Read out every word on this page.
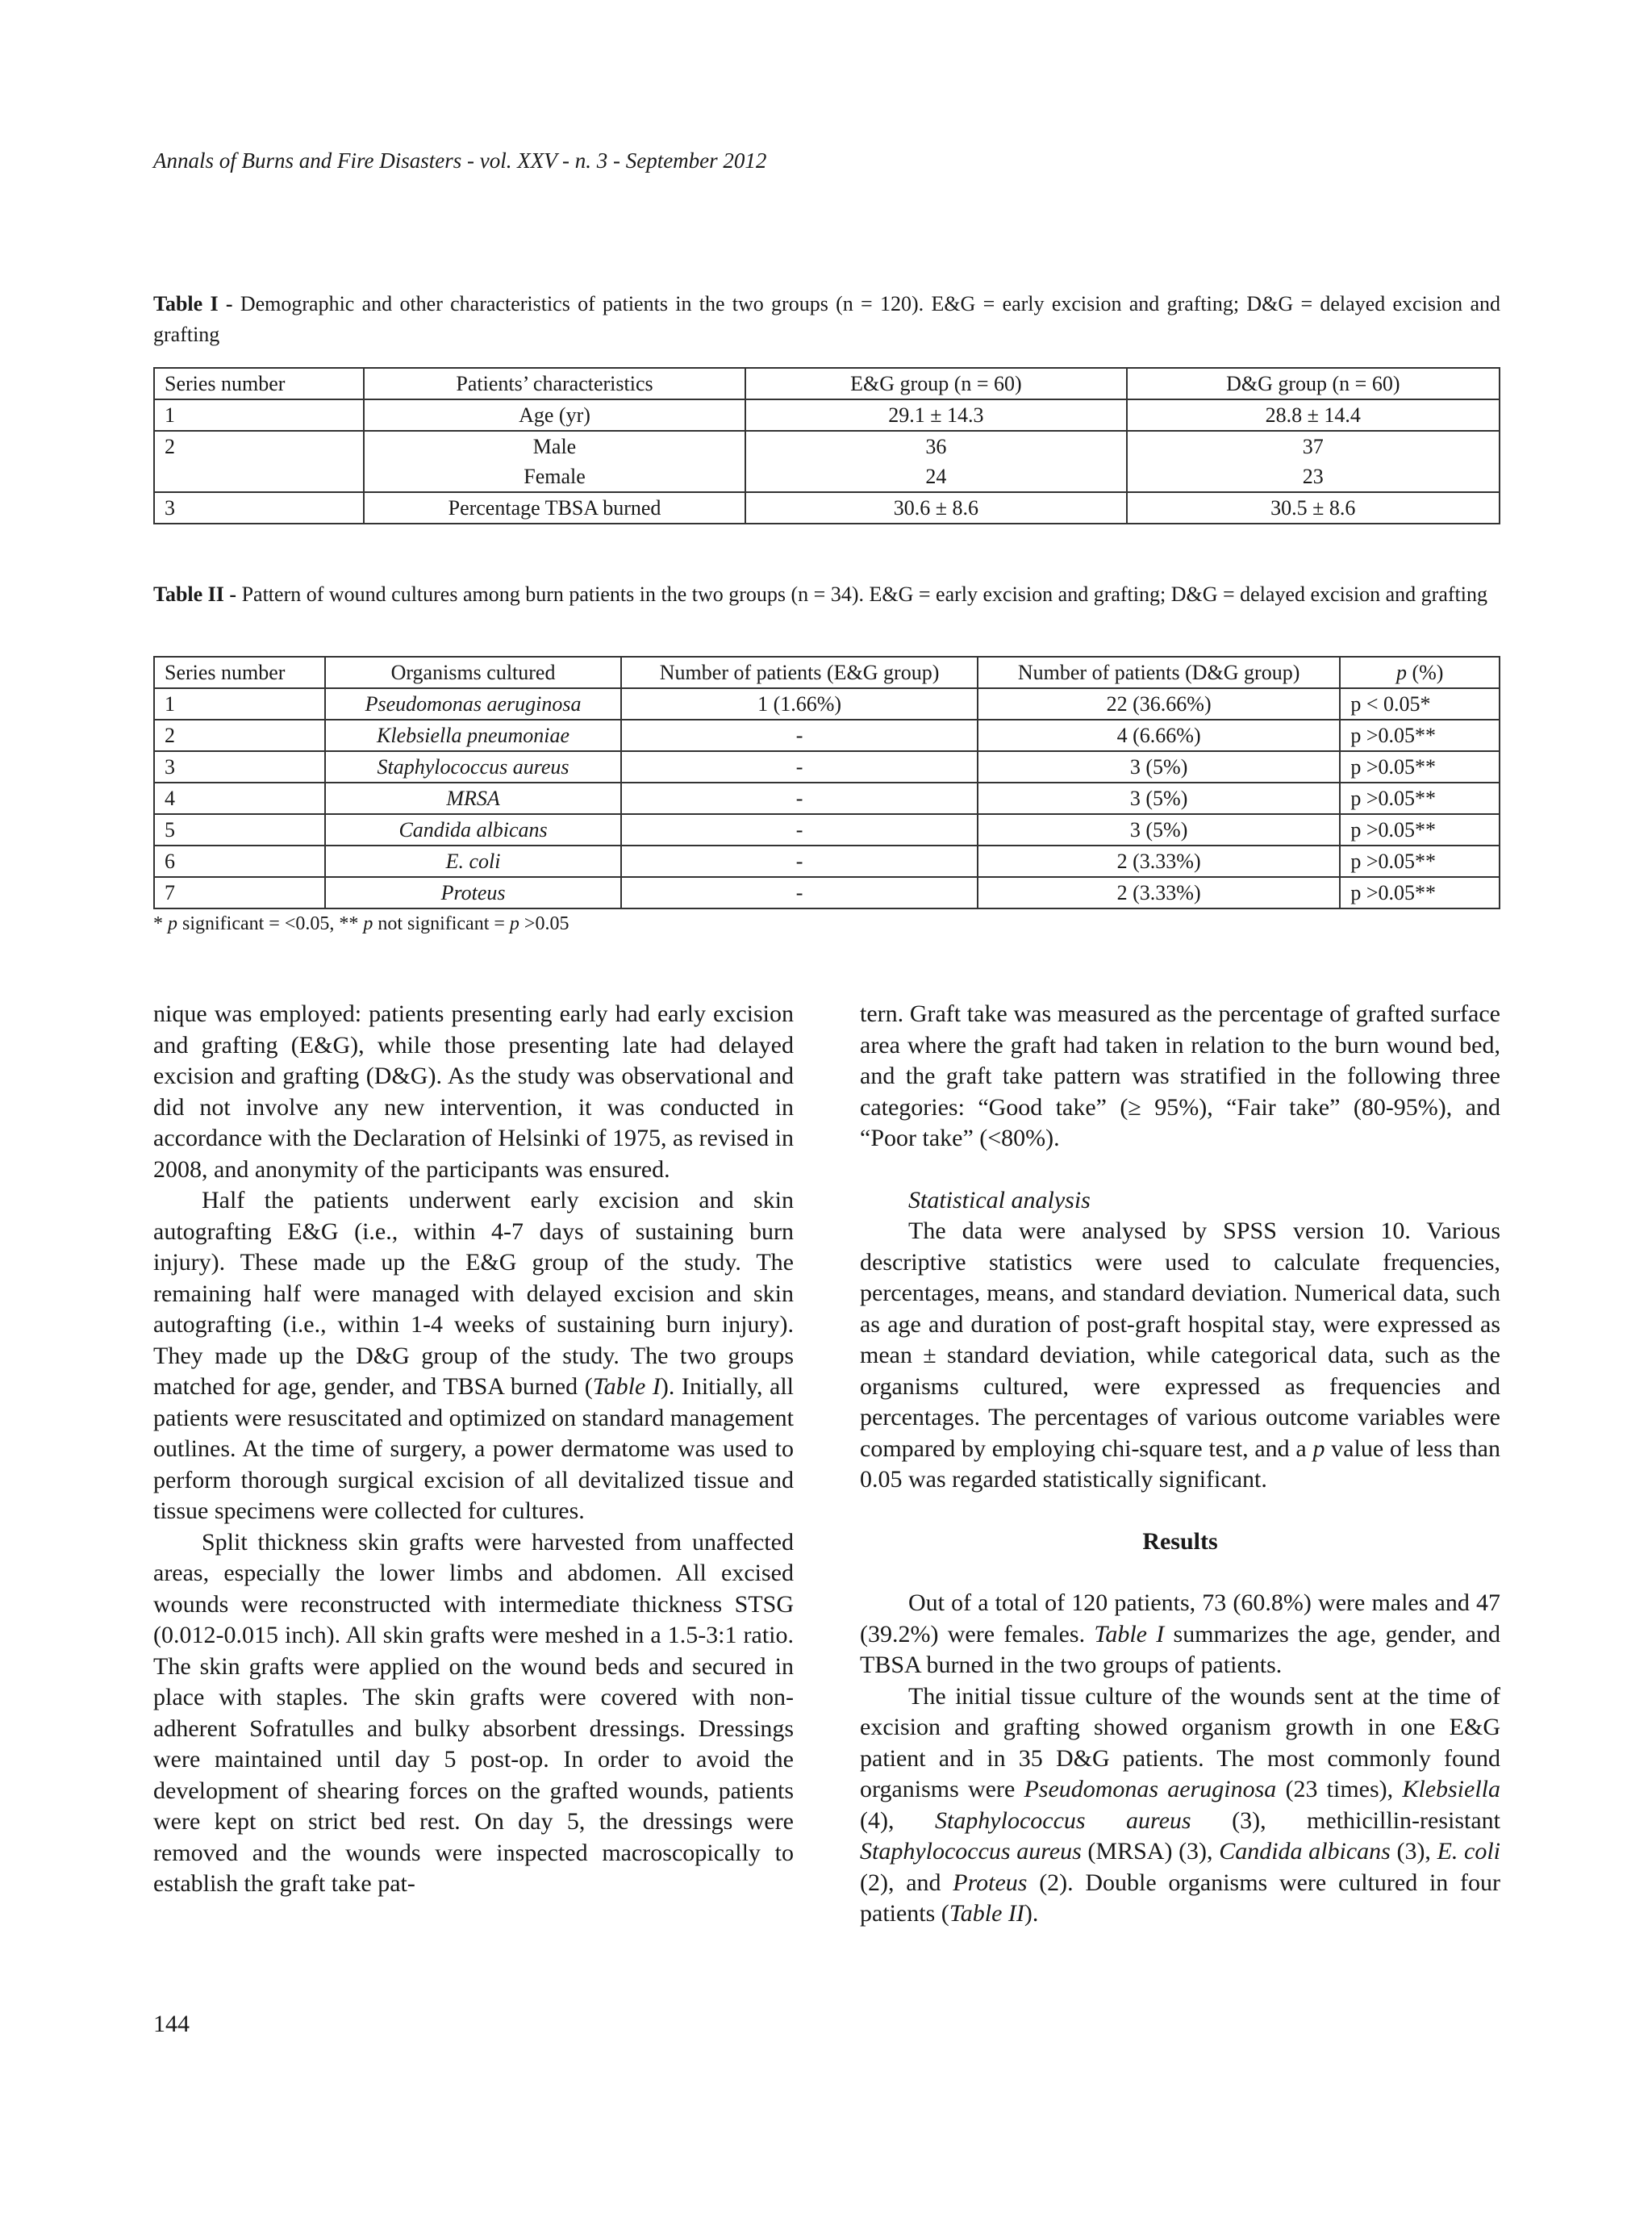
Annals of Burns and Fire Disasters - vol. XXV - n. 3 - September 2012
Table I - Demographic and other characteristics of patients in the two groups (n = 120). E&G = early excision and grafting; D&G = delayed excision and grafting
Series number	Patients’ characteristics	E&G group (n = 60)	D&G group (n = 60)
1	Age (yr)	29.1 ± 14.3	28.8 ± 14.4
2	Male	36	37
	Female	24	23
3	Percentage TBSA burned	30.6 ± 8.6	30.5 ± 8.6
Table II - Pattern of wound cultures among burn patients in the two groups (n = 34). E&G = early excision and grafting; D&G = delayed excision and grafting
Series number	Organisms cultured	Number of patients (E&G group)	Number of patients (D&G group)	p (%)
1	Pseudomonas aeruginosa	1 (1.66%)	22 (36.66%)	p < 0.05*
2	Klebsiella pneumoniae	-	4 (6.66%)	p >0.05**
3	Staphylococcus aureus	-	3 (5%)	p >0.05**
4	MRSA	-	3 (5%)	p >0.05**
5	Candida albicans	-	3 (5%)	p >0.05**
6	E. coli	-	2 (3.33%)	p >0.05**
7	Proteus	-	2 (3.33%)	p >0.05**
* p significant = <0.05, ** p not significant = p >0.05

nique was employed: patients presenting early had early excision and grafting (E&G), while those presenting late had delayed excision and grafting (D&G). As the study was observational and did not involve any new intervention, it was conducted in accordance with the Declaration of Helsinki of 1975, as revised in 2008, and anonymity of the participants was ensured.

Half the patients underwent early excision and skin autografting E&G (i.e., within 4-7 days of sustaining burn injury). These made up the E&G group of the study. The remaining half were managed with delayed excision and skin autografting (i.e., within 1-4 weeks of sustaining burn injury). They made up the D&G group of the study. The two groups matched for age, gender, and TBSA burned (Table I). Initially, all patients were resuscitated and optimized on standard management outlines. At the time of surgery, a power dermatome was used to perform thorough surgical excision of all devitalized tissue and tissue specimens were collected for cultures.

Split thickness skin grafts were harvested from unaffected areas, especially the lower limbs and abdomen. All excised wounds were reconstructed with intermediate thickness STSG (0.012-0.015 inch). All skin grafts were meshed in a 1.5-3:1 ratio. The skin grafts were applied on the wound beds and secured in place with staples. The skin grafts were covered with non-adherent Sofratulles and bulky absorbent dressings. Dressings were maintained until day 5 post-op. In order to avoid the development of shearing forces on the grafted wounds, patients were kept on strict bed rest. On day 5, the dressings were removed and the wounds were inspected macroscopically to establish the graft take pat-

tern. Graft take was measured as the percentage of grafted surface area where the graft had taken in relation to the burn wound bed, and the graft take pattern was stratified in the following three categories: “Good take” (≥ 95%), “Fair take” (80-95%), and “Poor take” (<80%).

Statistical analysis

The data were analysed by SPSS version 10. Various descriptive statistics were used to calculate frequencies, percentages, means, and standard deviation. Numerical data, such as age and duration of post-graft hospital stay, were expressed as mean ± standard deviation, while categorical data, such as the organisms cultured, were expressed as frequencies and percentages. The percentages of various outcome variables were compared by employing chi-square test, and a p value of less than 0.05 was regarded statistically significant.

Results

Out of a total of 120 patients, 73 (60.8%) were males and 47 (39.2%) were females. Table I summarizes the age, gender, and TBSA burned in the two groups of patients.

The initial tissue culture of the wounds sent at the time of excision and grafting showed organism growth in one E&G patient and in 35 D&G patients. The most commonly found organisms were Pseudomonas aeruginosa (23 times), Klebsiella (4), Staphylococcus aureus (3), methicillin-resistant Staphylococcus aureus (MRSA) (3), Candida albicans (3), E. coli (2), and Proteus (2). Double organisms were cultured in four patients (Table II).

144
